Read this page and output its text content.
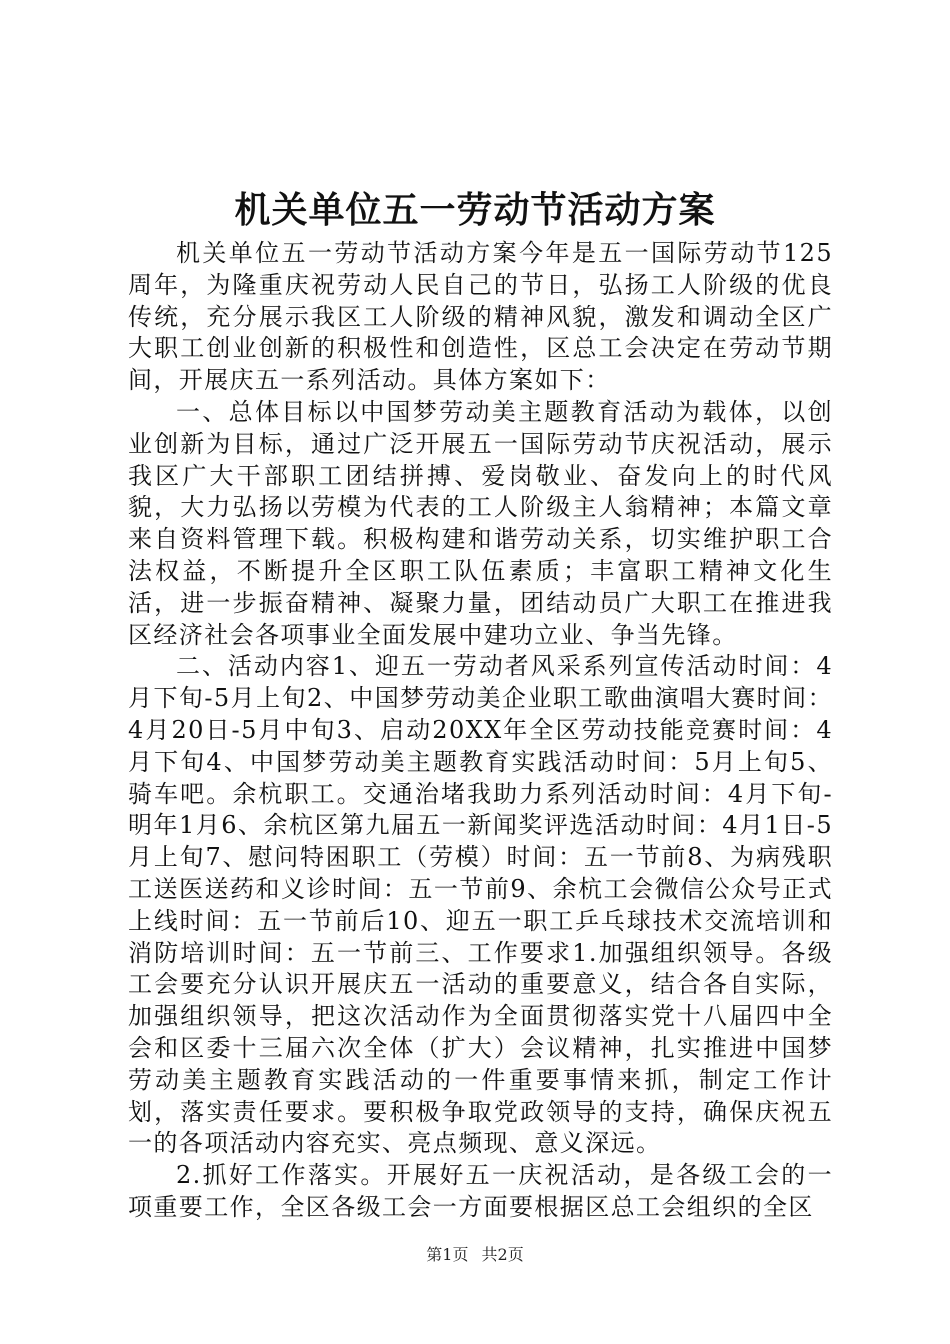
机关单位五一劳动节活动方案

机关单位五一劳动节活动方案今年是五一国际劳动节125周年，为隆重庆祝劳动人民自己的节日，弘扬工人阶级的优良传统，充分展示我区工人阶级的精神风貌，激发和调动全区广大职工创业创新的积极性和创造性，区总工会决定在劳动节期间，开展庆五一系列活动。具体方案如下：

一、总体目标以中国梦劳动美主题教育活动为载体，以创业创新为目标，通过广泛开展五一国际劳动节庆祝活动，展示我区广大干部职工团结拼搏、爱岗敬业、奋发向上的时代风貌，大力弘扬以劳模为代表的工人阶级主人翁精神；本篇文章来自资料管理下载。积极构建和谐劳动关系，切实维护职工合法权益，不断提升全区职工队伍素质；丰富职工精神文化生活，进一步振奋精神、凝聚力量，团结动员广大职工在推进我区经济社会各项事业全面发展中建功立业、争当先锋。

二、活动内容1、迎五一劳动者风采系列宣传活动时间：4月下旬-5月上旬2、中国梦劳动美企业职工歌曲演唱大赛时间：4月20日-5月中旬3、启动20XX年全区劳动技能竞赛时间：4月下旬4、中国梦劳动美主题教育实践活动时间：5月上旬5、骑车吧。余杭职工。交通治堵我助力系列活动时间：4月下旬-明年1月6、余杭区第九届五一新闻奖评选活动时间：4月1日-5月上旬7、慰问特困职工（劳模）时间：五一节前8、为病残职工送医送药和义诊时间：五一节前9、余杭工会微信公众号正式上线时间：五一节前后10、迎五一职工乒乓球技术交流培训和消防培训时间：五一节前三、工作要求1.加强组织领导。各级工会要充分认识开展庆五一活动的重要意义，结合各自实际，加强组织领导，把这次活动作为全面贯彻落实党十八届四中全会和区委十三届六次全体（扩大）会议精神，扎实推进中国梦劳动美主题教育实践活动的一件重要事情来抓，制定工作计划，落实责任要求。要积极争取党政领导的支持，确保庆祝五一的各项活动内容充实、亮点频现、意义深远。

2.抓好工作落实。开展好五一庆祝活动，是各级工会的一项重要工作，全区各级工会一方面要根据区总工会组织的全区

第1页 共2页
